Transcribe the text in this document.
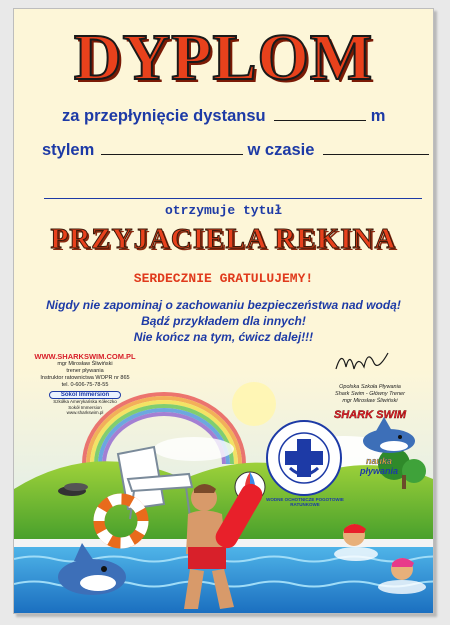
DYPLOM
za przepłynięcie dystansu	m
stylem	w czasie
otrzymuje tytuł
PRZYJACIELA REKINA
SERDECZNIE GRATULUJEMY!
Nigdy nie zapominaj o zachowaniu bezpieczeństwa nad wodą!
Bądź przykładem dla innych!
Nie kończ na tym, ćwicz dalej!!!
WWW.SHARKSWIM.COM.PL
mgr Mirosław Śliwiński
trener pływania
Instruktor ratownictwa WOPR nr 865
tel. 0-606-75-78-55
Sokol Immersion
Szkółka Amerykańska Kółeczko
Sokół Immersion
www.sharkswim.pl
Opolska Szkoła Pływania
Shark Swim - Główny Trener
mgr Mirosław Śliwiński
SHARK SWIM
nauka
pływania
WODNE OCHOTNICZE POGOTOWIE RATUNKOWE
